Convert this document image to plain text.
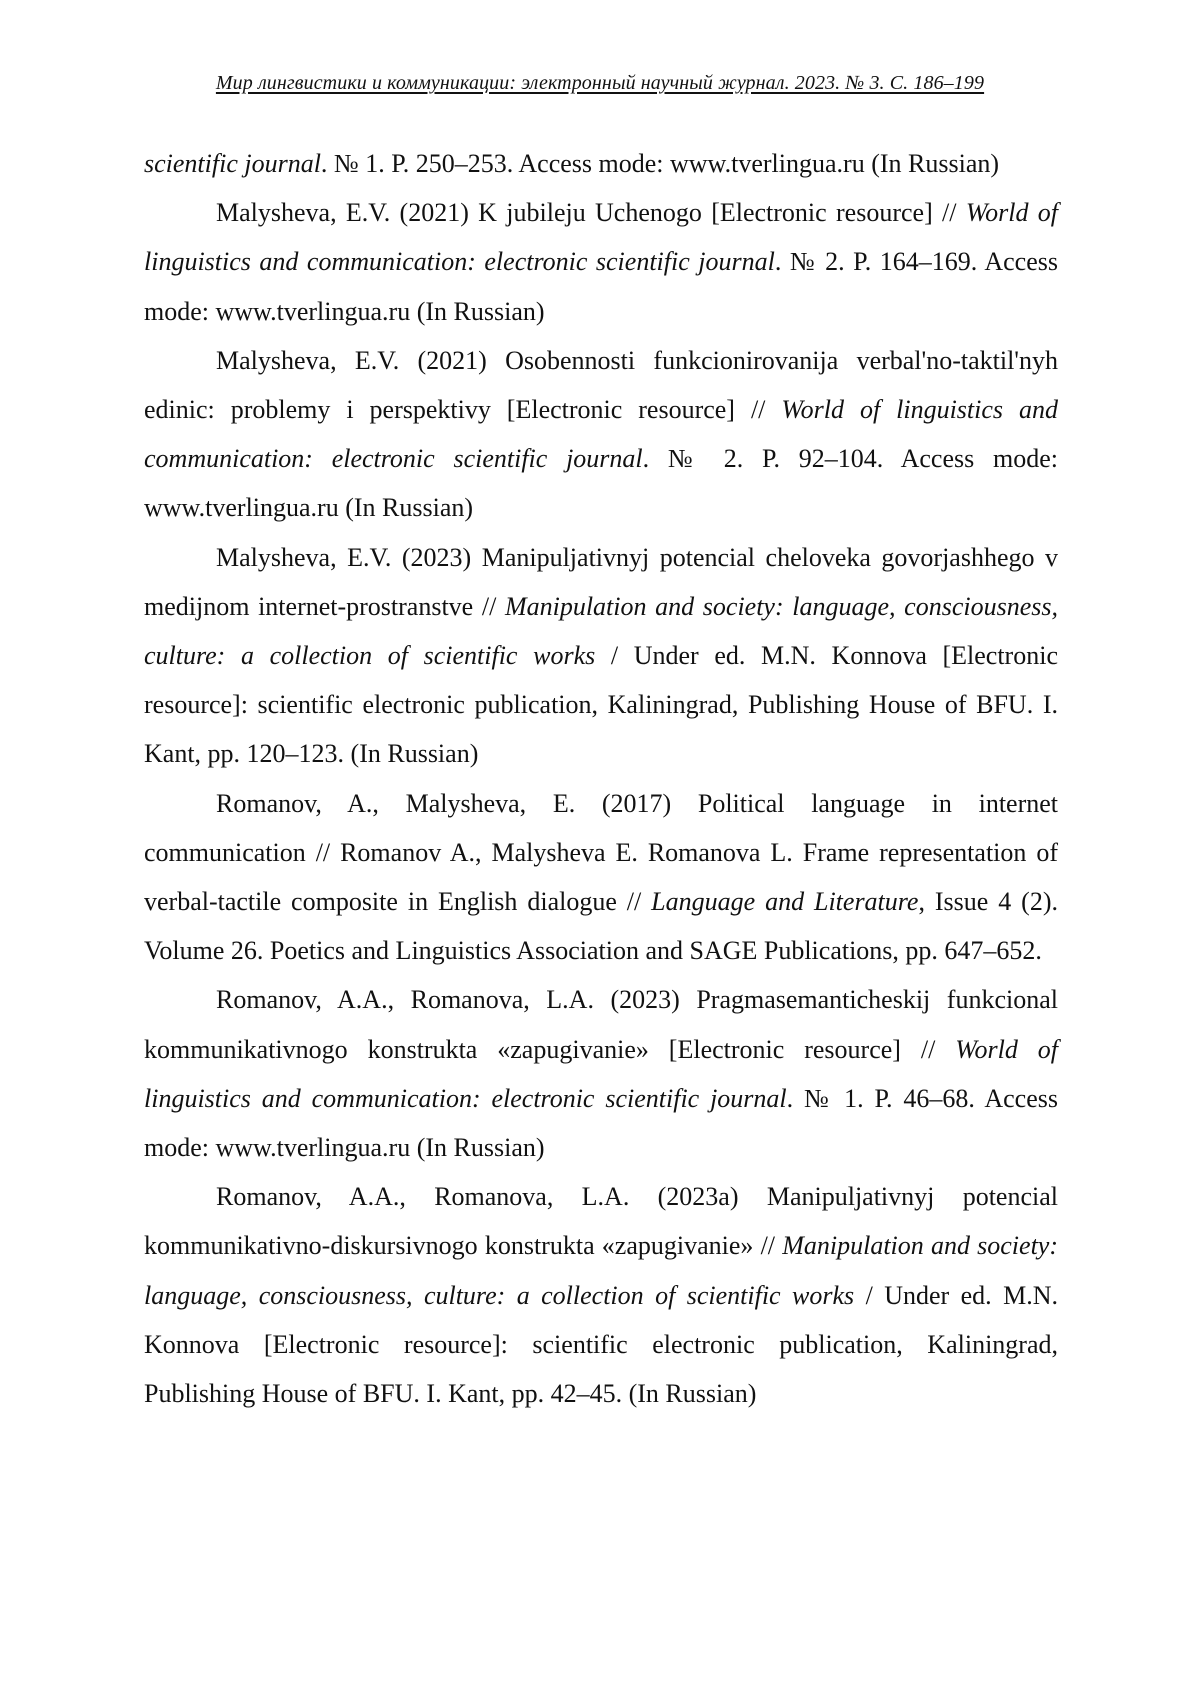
Мир лингвистики и коммуникации: электронный научный журнал. 2023. № 3. С. 186–199

scientific journal. № 1. P. 250–253. Access mode: www.tverlingua.ru (In Russian)

Malysheva, E.V. (2021) K jubileju Uchenogo [Electronic resource] // World of linguistics and communication: electronic scientific journal. № 2. P. 164–169. Access mode: www.tverlingua.ru (In Russian)

Malysheva, E.V. (2021) Osobennosti funkcionirovanija verbal'no-taktil'nyh edinic: problemy i perspektivy [Electronic resource] // World of linguistics and communication: electronic scientific journal. № 2. P. 92–104. Access mode: www.tverlingua.ru (In Russian)

Malysheva, E.V. (2023) Manipuljativnyj potencial cheloveka govorjashhego v medijnom internet-prostranstve // Manipulation and society: language, consciousness, culture: a collection of scientific works / Under ed. M.N. Konnova [Electronic resource]: scientific electronic publication, Kaliningrad, Publishing House of BFU. I. Kant, pp. 120–123. (In Russian)

Romanov, A., Malysheva, E. (2017) Political language in internet communication // Romanov A., Malysheva E. Romanova L. Frame representation of verbal-tactile composite in English dialogue // Language and Literature, Issue 4 (2). Volume 26. Poetics and Linguistics Association and SAGE Publications, pp. 647–652.

Romanov, A.A., Romanova, L.A. (2023) Pragmasemanticheskij funkcional kommunikativnogo konstrukta «zapugivanie» [Electronic resource] // World of linguistics and communication: electronic scientific journal. № 1. P. 46–68. Access mode: www.tverlingua.ru (In Russian)

Romanov, A.A., Romanova, L.A. (2023a) Manipuljativnyj potencial kommunikativno-diskursivnogo konstrukta «zapugivanie» // Manipulation and society: language, consciousness, culture: a collection of scientific works / Under ed. M.N. Konnova [Electronic resource]: scientific electronic publication, Kaliningrad, Publishing House of BFU. I. Kant, pp. 42–45. (In Russian)
